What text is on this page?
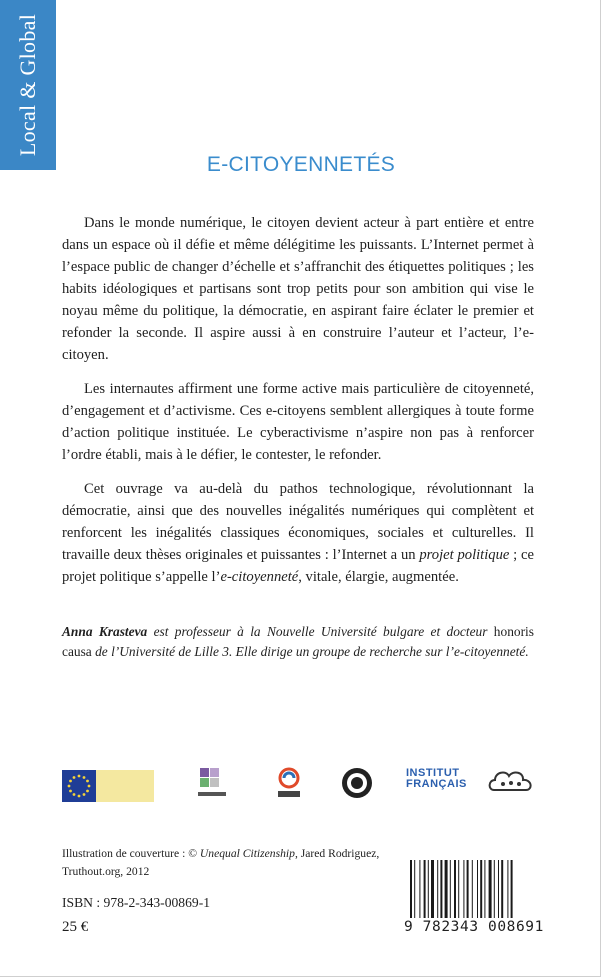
Local & Global
E-CITOYENNETÉS

Dans le monde numérique, le citoyen devient acteur à part entière et entre dans un espace où il défie et même délégitime les puissants. L’Internet permet à l’espace public de changer d’échelle et s’affranchit des étiquettes politiques ; les habits idéologiques et partisans sont trop petits pour son ambition qui vise le noyau même du politique, la démocratie, en aspirant faire éclater le premier et refonder la seconde. Il aspire aussi à en construire l’auteur et l’acteur, l’e-citoyen.

Les internautes affirment une forme active mais particulière de citoyenneté, d’engagement et d’activisme. Ces e-citoyens semblent allergiques à toute forme d’action politique instituée. Le cyberactivisme n’aspire non pas à renforcer l’ordre établi, mais à le défier, le contester, le refonder.

Cet ouvrage va au-delà du pathos technologique, révolutionnant la démocratie, ainsi que des nouvelles inégalités numériques qui complètent et renforcent les inégalités classiques économiques, sociales et culturelles. Il travaille deux thèses originales et puissantes : l’Internet a un projet politique ; ce projet politique s’appelle l’e-citoyenneté, vitale, élargie, augmentée.

Anna Krasteva est professeur à la Nouvelle Université bulgare et docteur honoris causa de l’Université de Lille 3. Elle dirige un groupe de recherche sur l’e-citoyenneté.
INSTITUT FRANÇAIS
Illustration de couverture : © Unequal Citizenship, Jared Rodriguez, Truthout.org, 2012
ISBN : 978-2-343-00869-1
25 €	9 782343 008691
